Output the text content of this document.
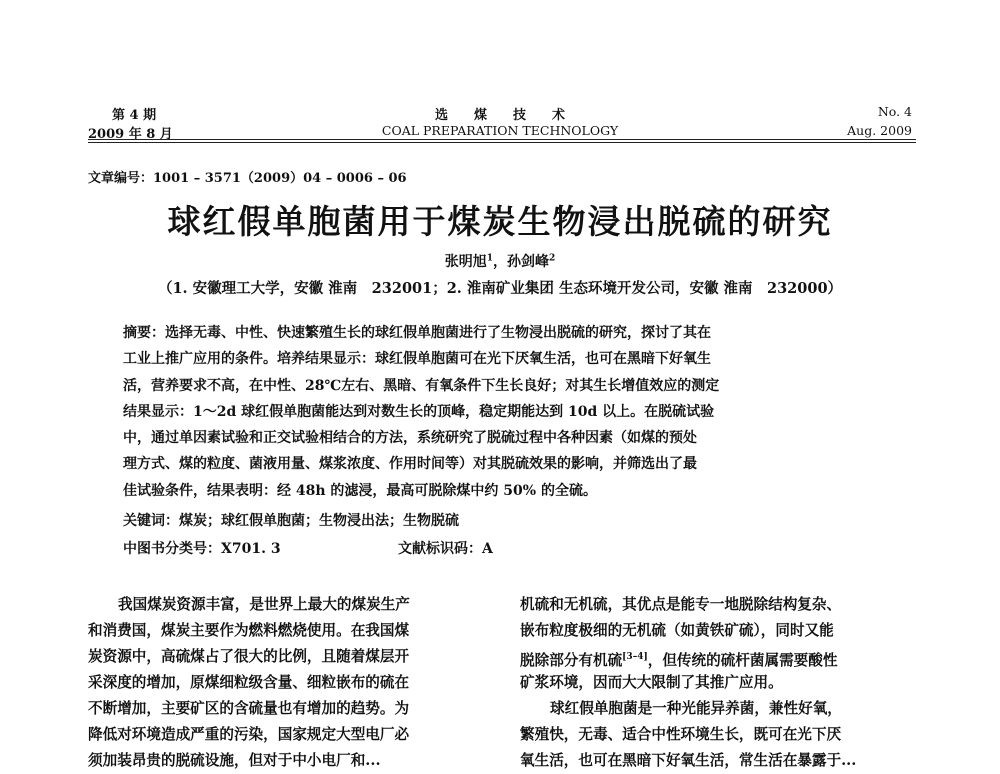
第 4 期
2009 年 8 月
选　　煤　　技　　术
COAL PREPARATION TECHNOLOGY
No. 4
Aug. 2009
文章编号：1001 – 3571（2009）04 – 0006 – 06
球红假单胞菌用于煤炭生物浸出脱硫的研究
张明旭$^1$，孙剑峰$^2$
（1. 安徽理工大学，安徽 淮南　232001；2. 淮南矿业集团 生态环境开发公司，安徽 淮南　232000）
摘要：选择无毒、中性、快速繁殖生长的球红假单胞菌进行了生物浸出脱硫的研究，探讨了其在
工业上推广应用的条件。培养结果显示：球红假单胞菌可在光下厌氧生活，也可在黑暗下好氧生
活，营养要求不高，在中性、28℃左右、黑暗、有氧条件下生长良好；对其生长增值效应的测定
结果显示：1～2d 球红假单胞菌能达到对数生长的顶峰，稳定期能达到 10d 以上。在脱硫试验
中，通过单因素试验和正交试验相结合的方法，系统研究了脱硫过程中各种因素（如煤的预处
理方式、煤的粒度、菌液用量、煤浆浓度、作用时间等）对其脱硫效果的影响，并筛选出了最
佳试验条件，结果表明：经 48h 的滤浸，最高可脱除煤中约 50% 的全硫。
关键词：煤炭；球红假单胞菌；生物浸出法；生物脱硫
中图书分类号：X701. 3	文献标识码：A
我国煤炭资源丰富，是世界上最大的煤炭生产
和消费国，煤炭主要作为燃料燃烧使用。在我国煤
炭资源中，高硫煤占了很大的比例，且随着煤层开
采深度的增加，原煤细粒级含量、细粒嵌布的硫在
不断增加，主要矿区的含硫量也有增加的趋势。为
降低对环境造成严重的污染，国家规定大型电厂必
须加装昂贵的脱硫设施，但对于中小电厂和...
机硫和无机硫，其优点是能专一地脱除结构复杂、
嵌布粒度极细的无机硫（如黄铁矿硫），同时又能
脱除部分有机硫[3–4]，但传统的硫杆菌属需要酸性
矿浆环境，因而大大限制了其推广应用。
球红假单胞菌是一种光能异养菌，兼性好氧，
繁殖快，无毒、适合中性环境生长，既可在光下厌
氧生活，也可在黑暗下好氧生活，常生活在暴露于...
